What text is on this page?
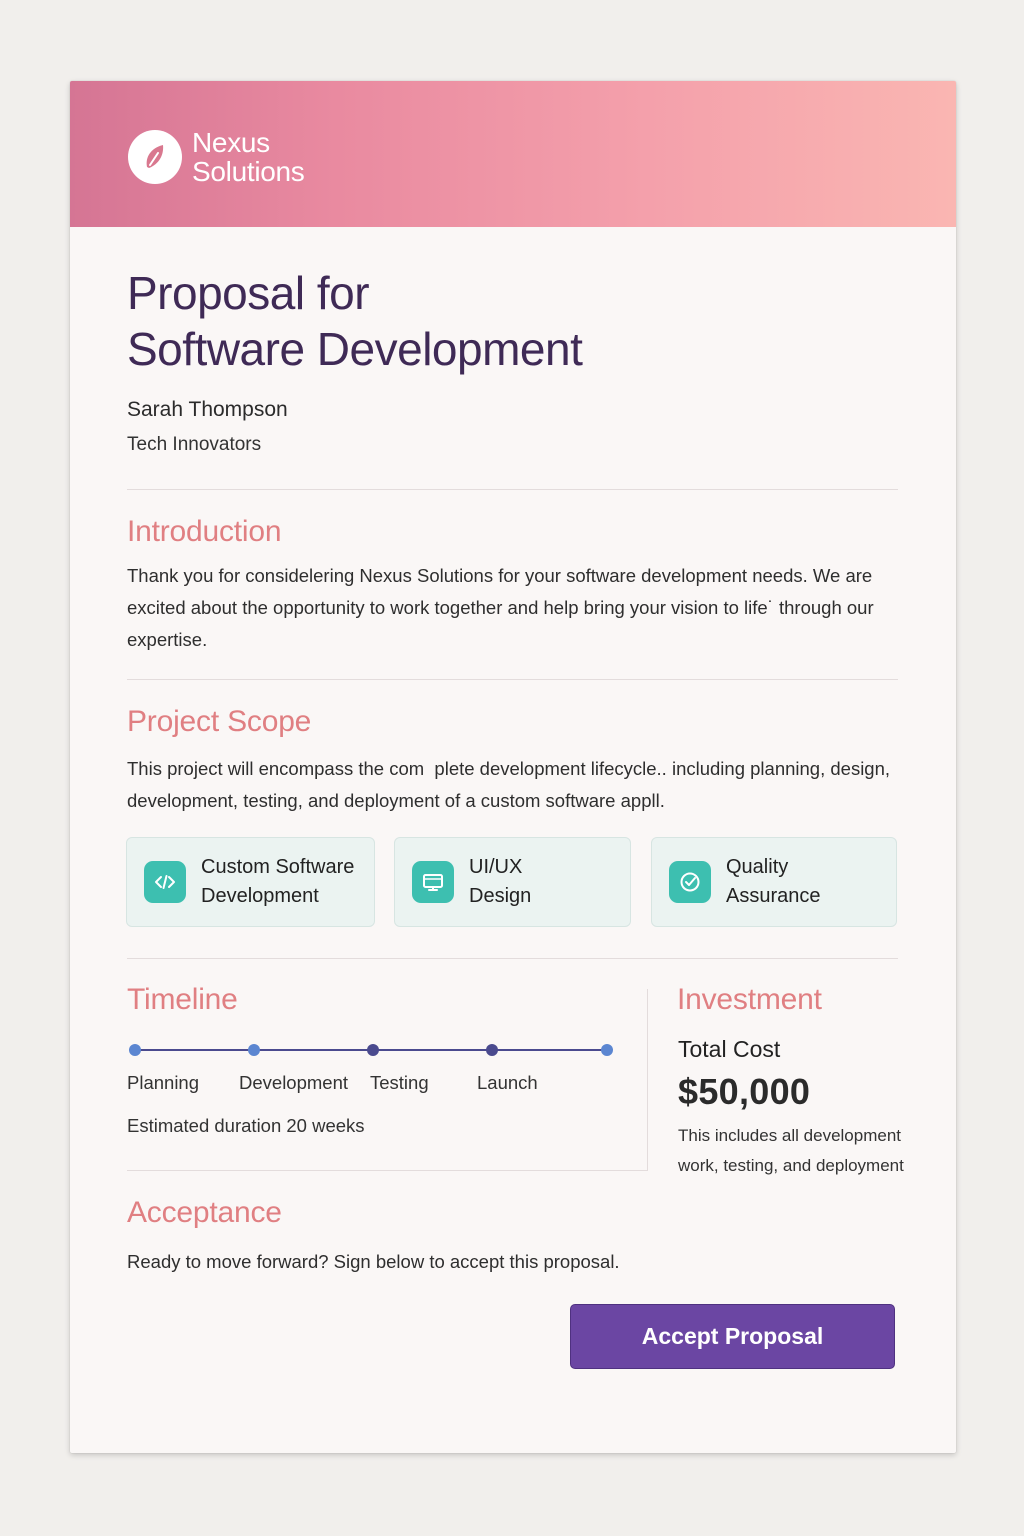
Nexus
Solutions
Proposal for
Software Development
Sarah Thompson
Tech Innovators
Introduction
Thank you for considelering Nexus Solutions for your software development needs. We are excited about the opportunity to work together and help bring your vision to life˙ through our expertise.
Project Scope
This project will encompass the com  plete development lifecycle.. including planning, design, development, testing, and deployment of a custom software appll.
Custom Software
Development
UI/UX
Design
Quality
Assurance
Timeline
Planning Development Testing	Launch
Estimated duration 20 weeks
Investment
Total Cost
$50,000
This includes all development work, testing, and deployment
Acceptance
Ready to move forward? Sign below to accept this proposal.
Accept Proposal
